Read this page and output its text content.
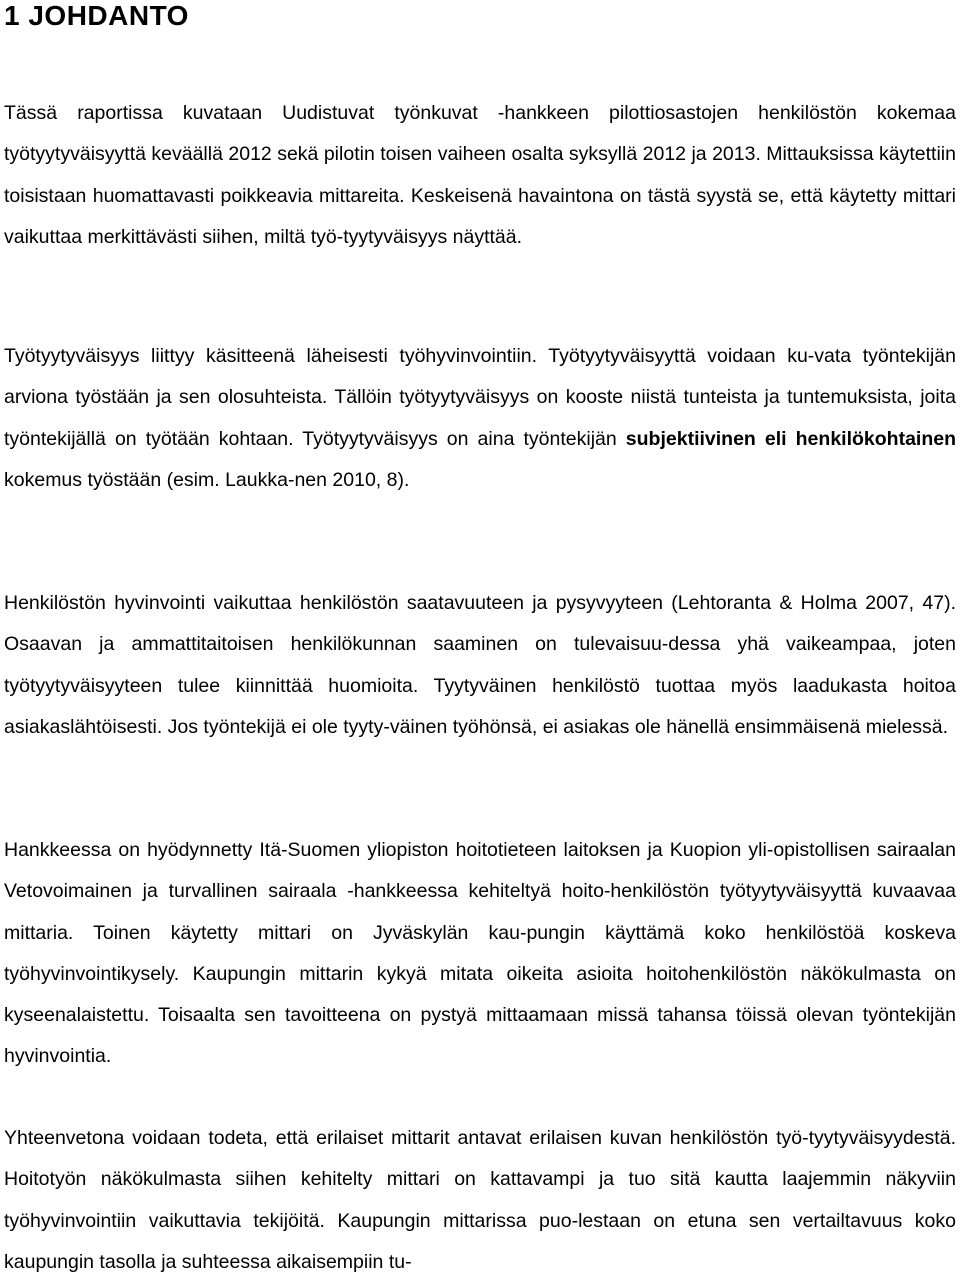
1 JOHDANTO

Tässä raportissa kuvataan Uudistuvat työnkuvat -hankkeen pilottiosastojen henkilöstön kokemaa työtyytyväisyyttä keväällä 2012 sekä pilotin toisen vaiheen osalta syksyllä 2012 ja 2013. Mittauksissa käytettiin toisistaan huomattavasti poikkeavia mittareita. Keskeisenä havaintona on tästä syystä se, että käytetty mittari vaikuttaa merkittävästi siihen, miltä työ-tyytyväisyys näyttää.

Työtyytyväisyys liittyy käsitteenä läheisesti työhyvinvointiin. Työtyytyväisyyttä voidaan ku-vata työntekijän arviona työstään ja sen olosuhteista. Tällöin työtyytyväisyys on kooste niistä tunteista ja tuntemuksista, joita työntekijällä on työtään kohtaan. Työtyytyväisyys on aina työntekijän subjektiivinen eli henkilökohtainen kokemus työstään (esim. Laukka-nen 2010, 8).

Henkilöstön hyvinvointi vaikuttaa henkilöstön saatavuuteen ja pysyvyyteen (Lehtoranta & Holma 2007, 47). Osaavan ja ammattitaitoisen henkilökunnan saaminen on tulevaisuu-dessa yhä vaikeampaa, joten työtyytyväisyyteen tulee kiinnittää huomioita. Tyytyväinen henkilöstö tuottaa myös laadukasta hoitoa asiakaslähtöisesti. Jos työntekijä ei ole tyyty-väinen työhönsä, ei asiakas ole hänellä ensimmäisenä mielessä.

Hankkeessa on hyödynnetty Itä-Suomen yliopiston hoitotieteen laitoksen ja Kuopion yli-opistollisen sairaalan Vetovoimainen ja turvallinen sairaala -hankkeessa kehiteltyä hoito-henkilöstön työtyytyväisyyttä kuvaavaa mittaria. Toinen käytetty mittari on Jyväskylän kau-pungin käyttämä koko henkilöstöä koskeva työhyvinvointikysely. Kaupungin mittarin kykyä mitata oikeita asioita hoitohenkilöstön näkökulmasta on kyseenalaistettu. Toisaalta sen tavoitteena on pystyä mittaamaan missä tahansa töissä olevan työntekijän hyvinvointia.

Yhteenvetona voidaan todeta, että erilaiset mittarit antavat erilaisen kuvan henkilöstön työ-tyytyväisyydestä. Hoitotyön näkökulmasta siihen kehitelty mittari on kattavampi ja tuo sitä kautta laajemmin näkyviin työhyvinvointiin vaikuttavia tekijöitä. Kaupungin mittarissa puo-lestaan on etuna sen vertailtavuus koko kaupungin tasolla ja suhteessa aikaisempiin tu-
